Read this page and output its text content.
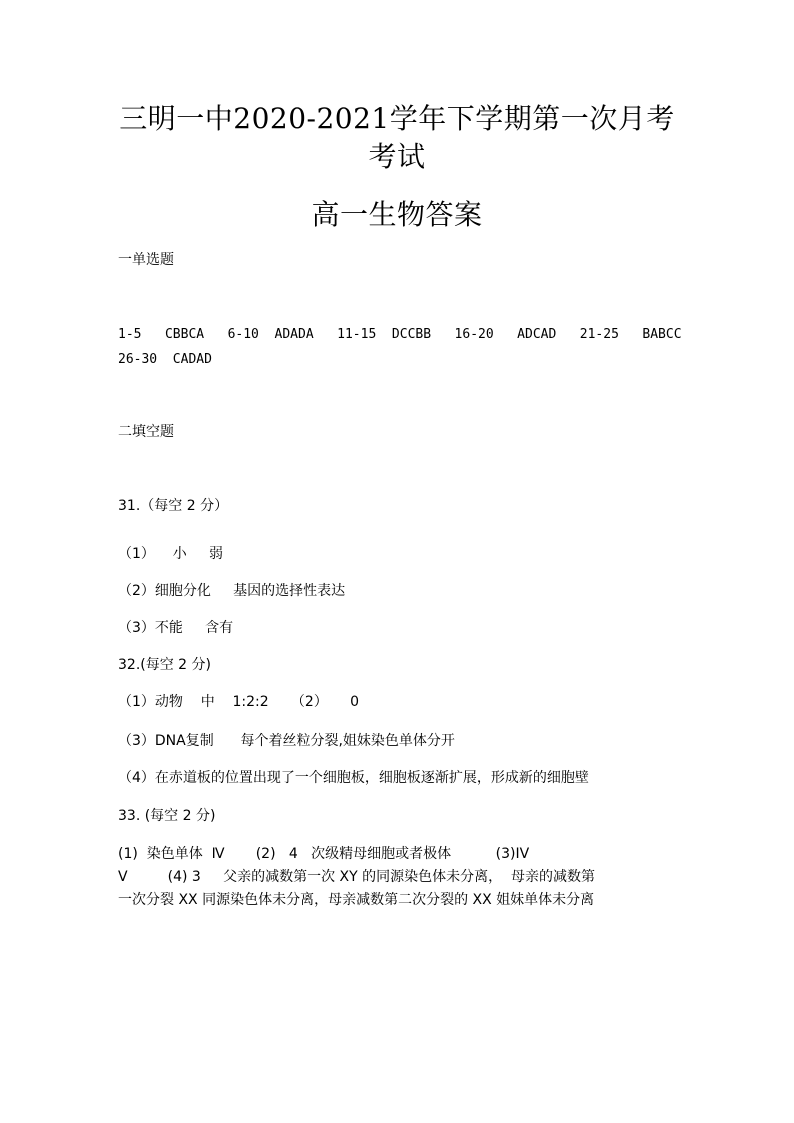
三明一中2020-2021学年下学期第一次月考
考试
高一生物答案
一单选题
1-5   CBBCA   6-10  ADADA   11-15  DCCBB   16-20   ADCAD   21-25   BABCC
26-30  CADAD
二填空题
31.（每空 2 分）
（1）    小     弱
（2）细胞分化     基因的选择性表达
（3）不能     含有
32.(每空 2 分)
（1）动物    中    1:2:2     （2）     0
（3）DNA复制      每个着丝粒分裂,姐妹染色单体分开
（4）在赤道板的位置出现了一个细胞板，细胞板逐渐扩展，形成新的细胞壁
33. (每空 2 分)
(1)  染色单体  Ⅳ       (2)   4   次级精母细胞或者极体          (3)IV
V         (4) 3     父亲的减数第一次 XY 的同源染色体未分离，  母亲的减数第
一次分裂 XX 同源染色体未分离，母亲减数第二次分裂的 XX 姐妹单体未分离
